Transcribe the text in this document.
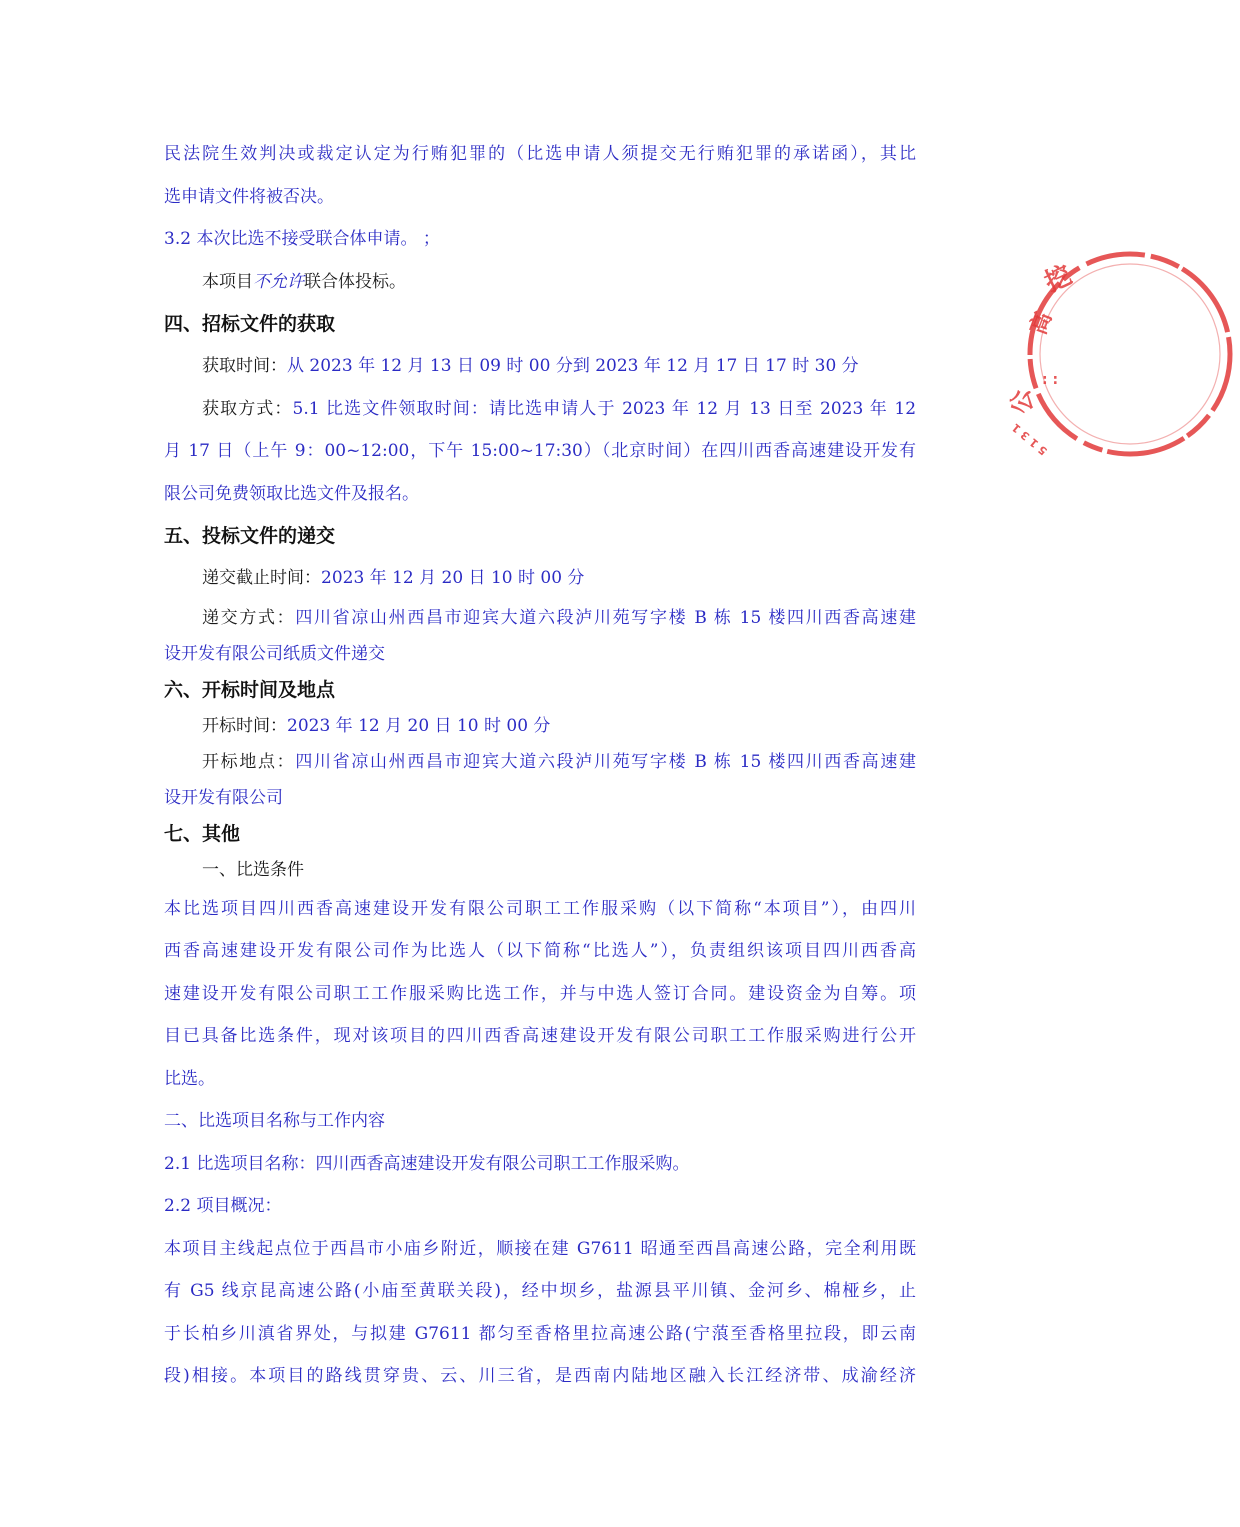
民法院生效判决或裁定认定为行贿犯罪的（比选申请人须提交无行贿犯罪的承诺函），其比
选申请文件将被否决。
3.2 本次比选不接受联合体申请。 ；
本项目不允许联合体投标。
四、招标文件的获取
获取时间：从 2023 年 12 月 13 日 09 时 00 分到 2023 年 12 月 17 日 17 时 30 分
获取方式：5.1 比选文件领取时间：请比选申请人于 2023 年 12 月 13 日至 2023 年 12
月 17 日（上午 9：00~12:00，下午 15:00~17:30）（北京时间）在四川西香高速建设开发有
限公司免费领取比选文件及报名。
五、投标文件的递交
递交截止时间：2023 年 12 月 20 日 10 时 00 分
递交方式：四川省凉山州西昌市迎宾大道六段泸川苑写字楼 B 栋 15 楼四川西香高速建
设开发有限公司纸质文件递交
六、开标时间及地点
开标时间：2023 年 12 月 20 日 10 时 00 分
开标地点：四川省凉山州西昌市迎宾大道六段泸川苑写字楼 B 栋 15 楼四川西香高速建
设开发有限公司
七、其他
一、比选条件
本比选项目四川西香高速建设开发有限公司职工工作服采购（以下简称“本项目”），由四川
西香高速建设开发有限公司作为比选人（以下简称“比选人”），负责组织该项目四川西香高
速建设开发有限公司职工工作服采购比选工作，并与中选人签订合同。建设资金为自筹。项
目已具备比选条件，现对该项目的四川西香高速建设开发有限公司职工工作服采购进行公开
比选。
二、比选项目名称与工作内容
2.1 比选项目名称：四川西香高速建设开发有限公司职工工作服采购。
2.2 项目概况：
本项目主线起点位于西昌市小庙乡附近，顺接在建 G7611 昭通至西昌高速公路，完全利用既
有 G5 线京昆高速公路(小庙至黄联关段)，经中坝乡，盐源县平川镇、金河乡、棉桠乡，止
于长柏乡川滇省界处，与拟建 G7611 都匀至香格里拉高速公路(宁蒗至香格里拉段，即云南
段)相接。本项目的路线贯穿贵、云、川三省，是西南内陆地区融入长江经济带、成渝经济
挖
高
: :
公
5 1 3 1
